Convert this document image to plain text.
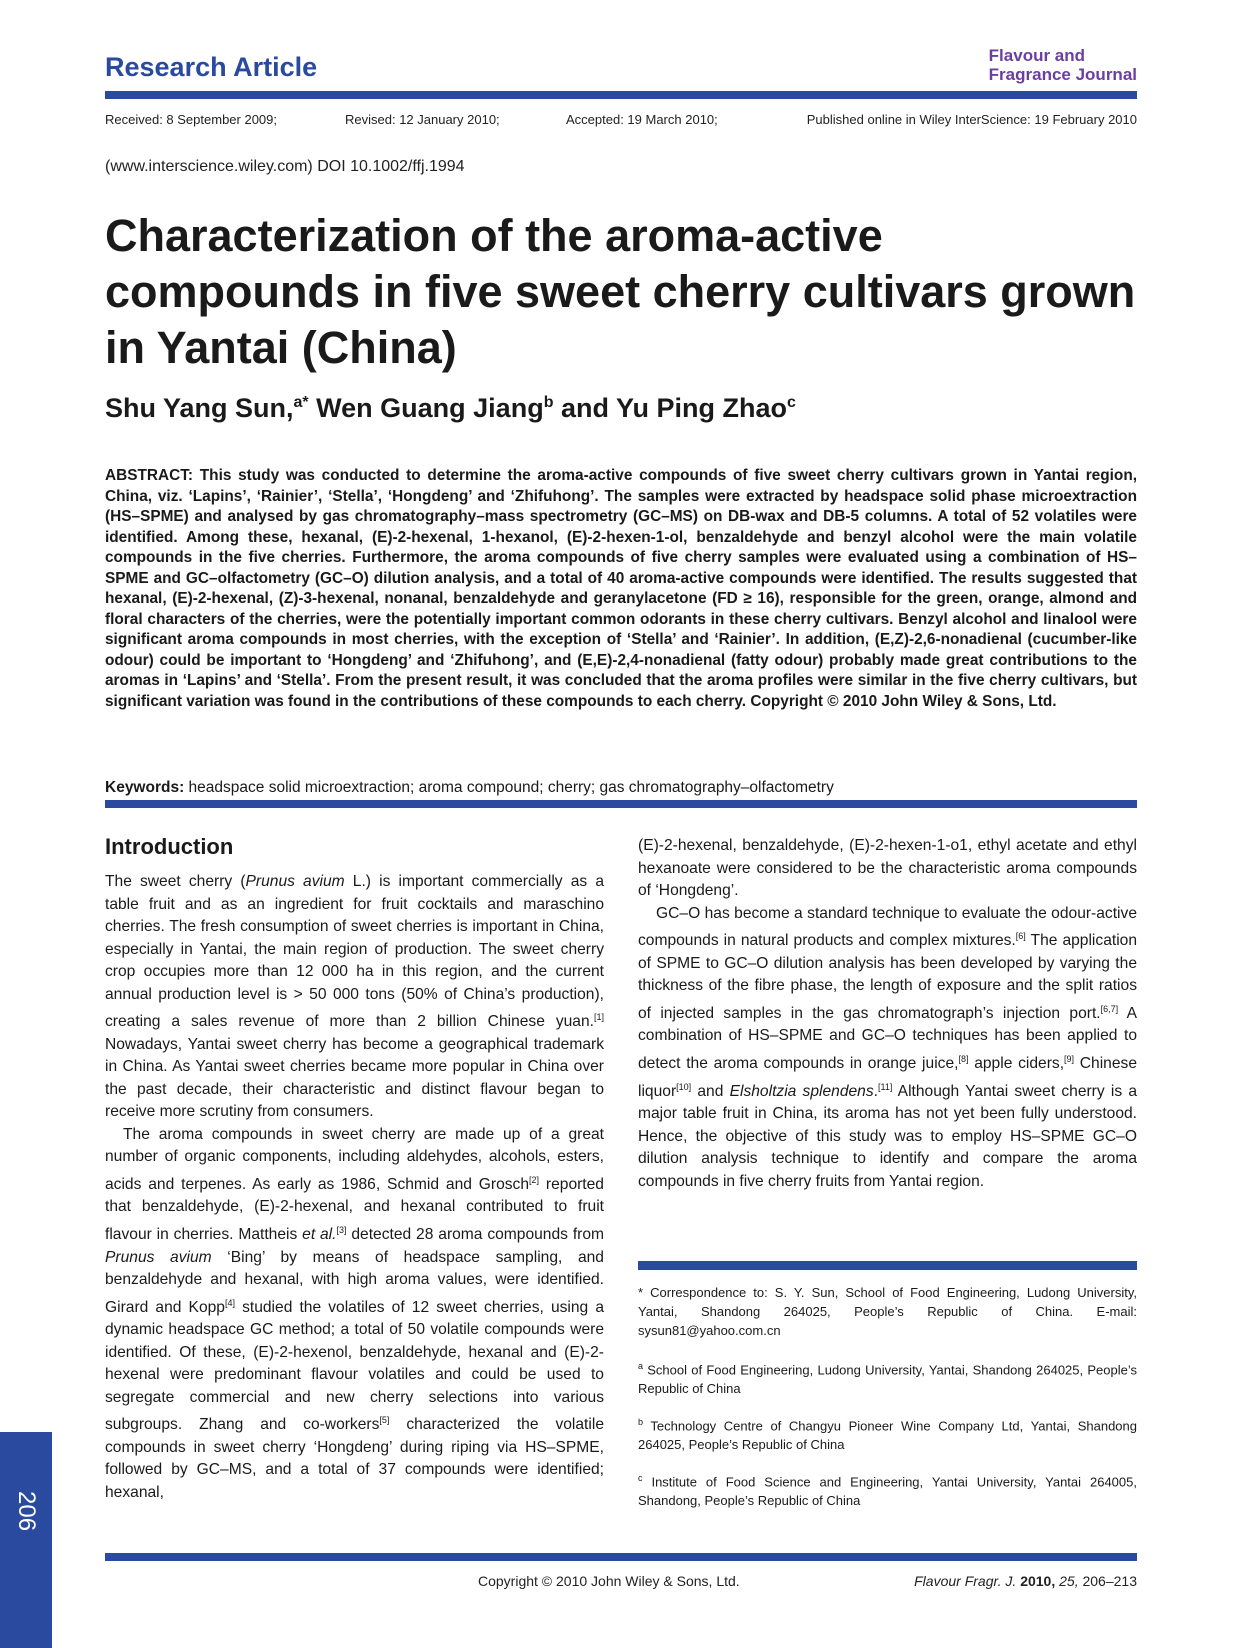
Research Article	Flavour and
Fragrance Journal
Received: 8 September 2009;	Revised: 12 January 2010;	Accepted: 19 March 2010;	Published online in Wiley InterScience: 19 February 2010
(www.interscience.wiley.com) DOI 10.1002/ffj.1994
Characterization of the aroma-active compounds in five sweet cherry cultivars grown in Yantai (China)
Shu Yang Sun,$^{a*}$ Wen Guang Jiang$^b$ and Yu Ping Zhao$^c$

ABSTRACT: This study was conducted to determine the aroma-active compounds of five sweet cherry cultivars grown in Yantai region, China, viz. ‘Lapins’, ‘Rainier’, ‘Stella’, ‘Hongdeng’ and ‘Zhifuhong’. The samples were extracted by headspace solid phase microextraction (HS–SPME) and analysed by gas chromatography–mass spectrometry (GC–MS) on DB-wax and DB-5 columns. A total of 52 volatiles were identified. Among these, hexanal, (E)-2-hexenal, 1-hexanol, (E)-2-hexen-1-ol, benzaldehyde and benzyl alcohol were the main volatile compounds in the five cherries. Furthermore, the aroma compounds of five cherry samples were evaluated using a combination of HS–SPME and GC–olfactometry (GC–O) dilution analysis, and a total of 40 aroma-active compounds were identified. The results suggested that hexanal, (E)-2-hexenal, (Z)-3-hexenal, nonanal, benzaldehyde and geranylacetone (FD ≥ 16), responsible for the green, orange, almond and floral characters of the cherries, were the potentially important common odorants in these cherry cultivars. Benzyl alcohol and linalool were significant aroma compounds in most cherries, with the exception of ‘Stella’ and ‘Rainier’. In addition, (E,Z)-2,6-nonadienal (cucumber-like odour) could be important to ‘Hongdeng’ and ‘Zhifuhong’, and (E,E)-2,4-nonadienal (fatty odour) probably made great contributions to the aromas in ‘Lapins’ and ‘Stella’. From the present result, it was concluded that the aroma profiles were similar in the five cherry cultivars, but significant variation was found in the contributions of these compounds to each cherry. Copyright © 2010 John Wiley & Sons, Ltd.

Keywords: headspace solid microextraction; aroma compound; cherry; gas chromatography–olfactometry
Introduction

The sweet cherry (Prunus avium L.) is important commercially as a table fruit and as an ingredient for fruit cocktails and maraschino cherries. The fresh consumption of sweet cherries is important in China, especially in Yantai, the main region of production. The sweet cherry crop occupies more than 12 000 ha in this region, and the current annual production level is > 50 000 tons (50% of China’s production), creating a sales revenue of more than 2 billion Chinese yuan.[1] Nowadays, Yantai sweet cherry has become a geographical trademark in China. As Yantai sweet cherries became more popular in China over the past decade, their characteristic and distinct flavour began to receive more scrutiny from consumers.

The aroma compounds in sweet cherry are made up of a great number of organic components, including aldehydes, alcohols, esters, acids and terpenes. As early as 1986, Schmid and Grosch[2] reported that benzaldehyde, (E)-2-hexenal, and hexanal contributed to fruit flavour in cherries. Mattheis et al.[3] detected 28 aroma compounds from Prunus avium ‘Bing’ by means of headspace sampling, and benzaldehyde and hexanal, with high aroma values, were identified. Girard and Kopp[4] studied the volatiles of 12 sweet cherries, using a dynamic headspace GC method; a total of 50 volatile compounds were identified. Of these, (E)-2-hexenol, benzaldehyde, hexanal and (E)-2-hexenal were predominant flavour volatiles and could be used to segregate commercial and new cherry selections into various subgroups. Zhang and co-workers[5] characterized the volatile compounds in sweet cherry ‘Hongdeng’ during riping via HS–SPME, followed by GC–MS, and a total of 37 compounds were identified; hexanal,

(E)-2-hexenal, benzaldehyde, (E)-2-hexen-1-o1, ethyl acetate and ethyl hexanoate were considered to be the characteristic aroma compounds of ‘Hongdeng’.

GC–O has become a standard technique to evaluate the odour-active compounds in natural products and complex mixtures.[6] The application of SPME to GC–O dilution analysis has been developed by varying the thickness of the fibre phase, the length of exposure and the split ratios of injected samples in the gas chromatograph’s injection port.[6,7] A combination of HS–SPME and GC–O techniques has been applied to detect the aroma compounds in orange juice,[8] apple ciders,[9] Chinese liquor[10] and Elsholtzia splendens.[11] Although Yantai sweet cherry is a major table fruit in China, its aroma has not yet been fully understood. Hence, the objective of this study was to employ HS–SPME GC–O dilution analysis technique to identify and compare the aroma compounds in five cherry fruits from Yantai region.

* Correspondence to: S. Y. Sun, School of Food Engineering, Ludong University, Yantai, Shandong 264025, People’s Republic of China. E-mail: sysun81@yahoo.com.cn

$^a$ School of Food Engineering, Ludong University, Yantai, Shandong 264025, People’s Republic of China

$^b$ Technology Centre of Changyu Pioneer Wine Company Ltd, Yantai, Shandong 264025, People’s Republic of China

$^c$ Institute of Food Science and Engineering, Yantai University, Yantai 264005, Shandong, People’s Republic of China

206
Copyright © 2010 John Wiley & Sons, Ltd.	Flavour Fragr. J. 2010, 25, 206–213
